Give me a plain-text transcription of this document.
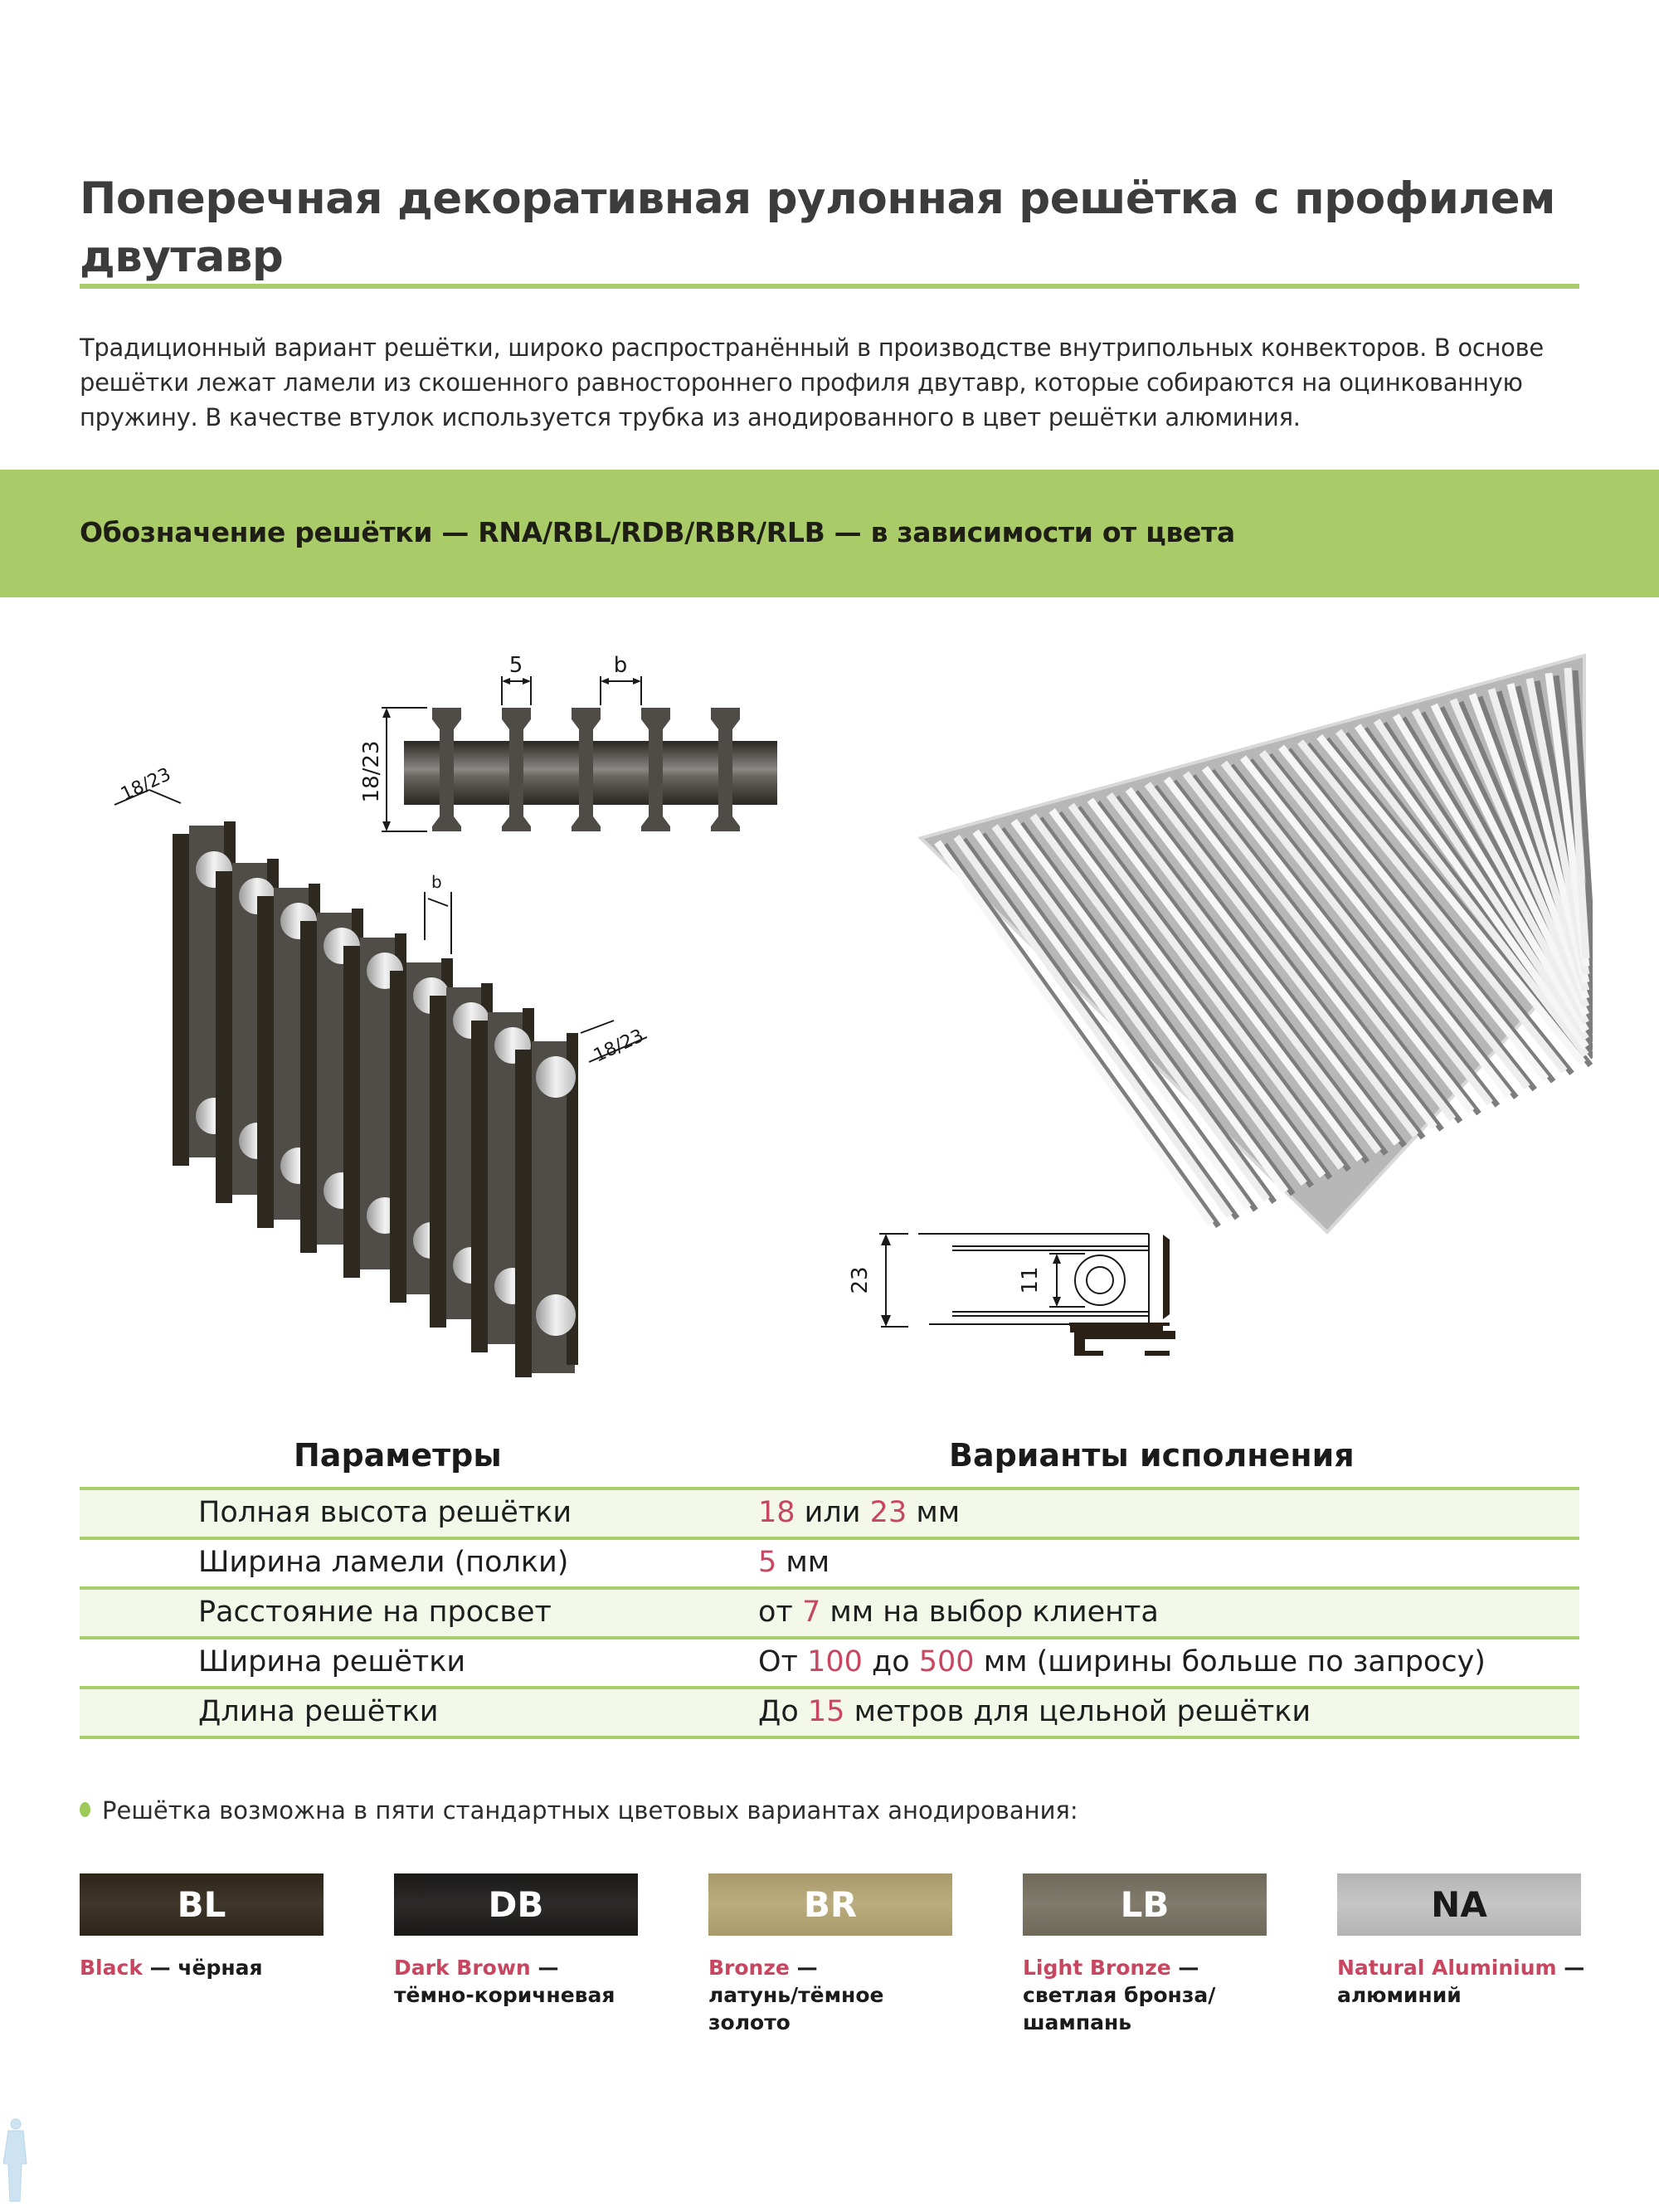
Поперечная декоративная рулонная решётка с профилем двутавр
Традиционный вариант решётки, широко распространённый в производстве внутрипольных конвекторов. В основе решётки лежат ламели из скошенного равностороннего профиля двутавр, которые собираются на оцинкованную пружину. В качестве втулок используется трубка из анодированного в цвет решётки алюминия.
Обозначение решётки — RNA/RBL/RDB/RBR/RLB — в зависимости от цвета
18/23
5	b
18/23
b
18/23
23	11
Параметры	Варианты исполнения
Полная высота решётки	18 или 23 мм
Ширина ламели (полки)	5 мм
Расстояние на просвет	от 7 мм на выбор клиента
Ширина решётки	От 100 до 500 мм (ширины больше по запросу)
Длина решётки	До 15 метров для цельной решётки
Решётка возможна в пяти стандартных цветовых вариантах анодирования:
BL
Black — чёрная
DB
Dark Brown —
тёмно-коричневая
BR
Bronze —
латунь/тёмное
золото
LB
Light Bronze —
светлая бронза/
шампань
NA
Natural Aluminium —
алюминий
